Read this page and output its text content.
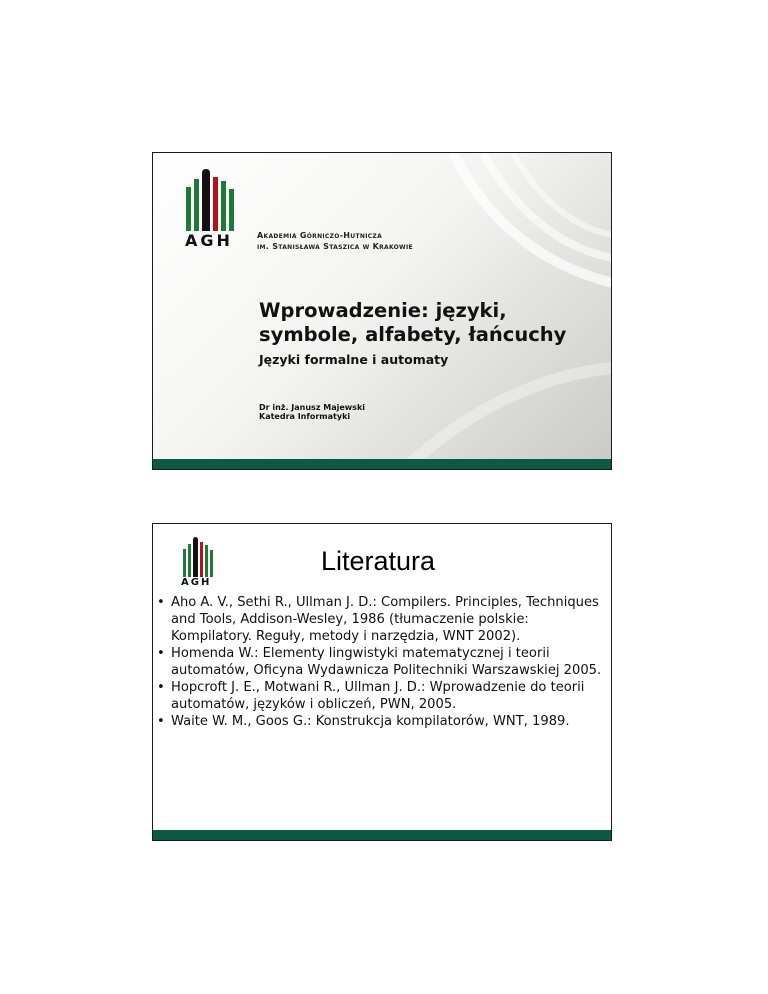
AGH	Akademia Górniczo-Hutnicza
im. Stanisława Staszica w Krakowie
Wprowadzenie: języki,
symbole, alfabety, łańcuchy
Języki formalne i automaty
Dr inż. Janusz Majewski
Katedra Informatyki
AGH
Literatura
• Aho A. V., Sethi R., Ullman J. D.: Compilers. Principles, Techniques and Tools, Addison-Wesley, 1986 (tłumaczenie polskie: Kompilatory. Reguły, metody i narzędzia, WNT 2002).
• Homenda W.: Elementy lingwistyki matematycznej i teorii automatów, Oficyna Wydawnicza Politechniki Warszawskiej 2005.
• Hopcroft J. E., Motwani R., Ullman J. D.: Wprowadzenie do teorii automatów, języków i obliczeń, PWN, 2005.
• Waite W. M., Goos G.: Konstrukcja kompilatorów, WNT, 1989.
